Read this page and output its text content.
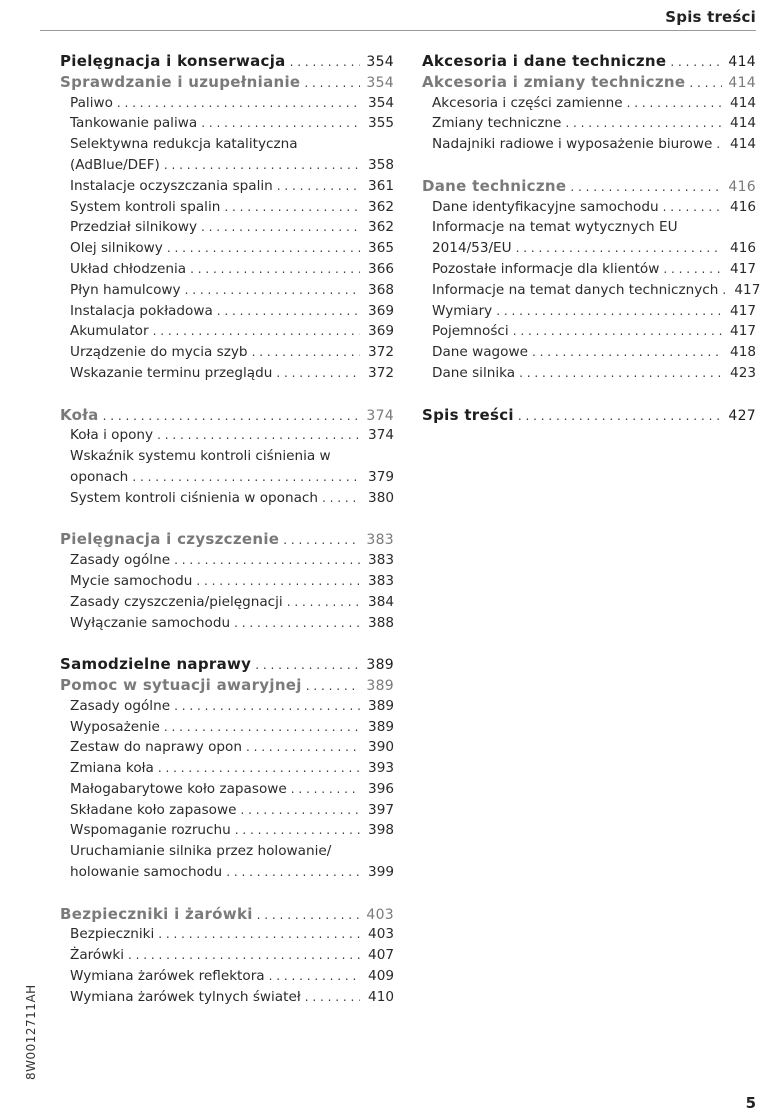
Spis treści
Pielęgnacja i konserwacja . . .	354
Sprawdzanie i uzupełnianie . . .	354
Paliwo . . .	354
Tankowanie paliwa . . .	355
Selektywna redukcja katalityczna
(AdBlue/DEF) . . .	358
Instalacje oczyszczania spalin . . .	361
System kontroli spalin . . .	362
Przedział silnikowy . . .	362
Olej silnikowy . . .	365
Układ chłodzenia . . .	366
Płyn hamulcowy . . .	368
Instalacja pokładowa . . .	369
Akumulator . . .	369
Urządzenie do mycia szyb . . .	372
Wskazanie terminu przeglądu . . .	372
Koła . . .	374
Koła i opony . . .	374
Wskaźnik systemu kontroli ciśnienia w
oponach . . .	379
System kontroli ciśnienia w oponach . . .	380
Pielęgnacja i czyszczenie . . .	383
Zasady ogólne . . .	383
Mycie samochodu . . .	383
Zasady czyszczenia/pielęgnacji . . .	384
Wyłączanie samochodu . . .	388
Samodzielne naprawy . . .	389
Pomoc w sytuacji awaryjnej . . .	389
Zasady ogólne . . .	389
Wyposażenie . . .	389
Zestaw do naprawy opon . . .	390
Zmiana koła . . .	393
Małogabarytowe koło zapasowe . . .	396
Składane koło zapasowe . . .	397
Wspomaganie rozruchu . . .	398
Uruchamianie silnika przez holowanie/
holowanie samochodu . . .	399
Bezpieczniki i żarówki . . .	403
Bezpieczniki . . .	403
Żarówki . . .	407
Wymiana żarówek reflektora . . .	409
Wymiana żarówek tylnych świateł . . .	410
Akcesoria i dane techniczne . . .	414
Akcesoria i zmiany techniczne . . .	414
Akcesoria i części zamienne . . .	414
Zmiany techniczne . . .	414
Nadajniki radiowe i wyposażenie biurowe . . .	414
Dane techniczne . . .	416
Dane identyfikacyjne samochodu . . .	416
Informacje na temat wytycznych EU
2014/53/EU . . .	416
Pozostałe informacje dla klientów . . .	417
Informacje na temat danych technicznych . . .	417
Wymiary . . .	417
Pojemności . . .	417
Dane wagowe . . .	418
Dane silnika . . .	423
Spis treści . . .	427
8W0012711AH
5
